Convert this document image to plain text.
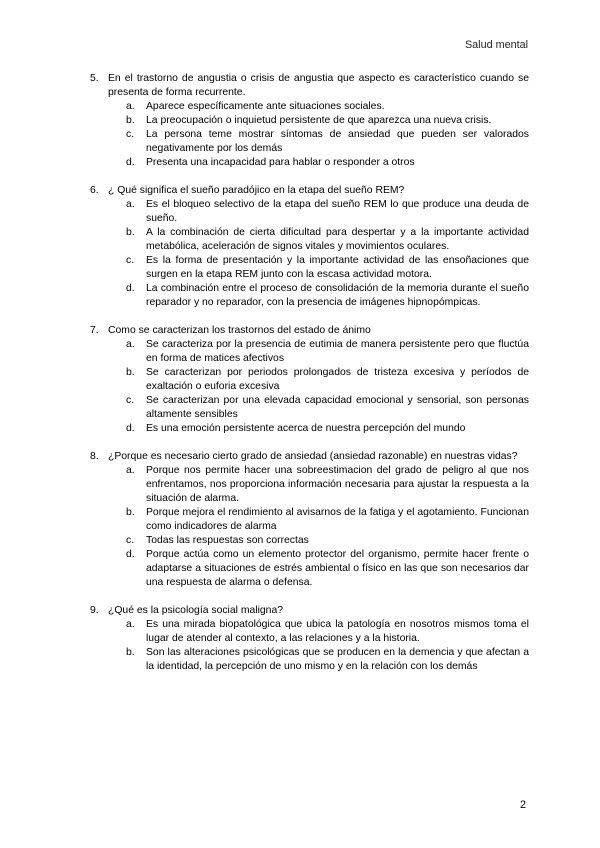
Salud mental
5. En el trastorno de angustia o crisis de angustia que aspecto es característico cuando se presenta de forma recurrente.
a. Aparece específicamente ante situaciones sociales.
b. La preocupación o inquietud persistente de que aparezca una nueva crisis.
c. La persona teme mostrar síntomas de ansiedad que pueden ser valorados negativamente por los demás
d. Presenta una incapacidad para hablar o responder a otros
6. ¿ Qué significa el sueño paradójico en la etapa del sueño REM?
a. Es el bloqueo selectivo de la etapa del sueño REM lo que produce una deuda de sueño.
b. A la combinación de cierta dificultad para despertar y a la importante actividad metabólica, aceleración de signos vitales y movimientos oculares.
c. Es la forma de presentación y la importante actividad de las ensoñaciones que surgen en la etapa REM junto con la escasa actividad motora.
d. La combinación entre el proceso de consolidación de la memoria durante el sueño reparador y no reparador, con la presencia de imágenes hipnopómpicas.
7. Como se caracterizan los trastornos del estado de ánimo
a. Se caracteriza por la presencia de eutimia de manera persistente pero que fluctúa en forma de matices afectivos
b. Se caracterizan por periodos prolongados de tristeza excesiva y períodos de exaltación o euforia excesiva
c. Se caracterizan por una elevada capacidad emocional y sensorial, son personas altamente sensibles
d. Es una emoción persistente acerca de nuestra percepción del mundo
8. ¿Porque es necesario cierto grado de ansiedad (ansiedad razonable) en nuestras vidas?
a. Porque nos permite hacer una sobreestimacion del grado de peligro al que nos enfrentamos, nos proporciona información necesaria para ajustar la respuesta a la situación de alarma.
b. Porque mejora el rendimiento al avisarnos de la fatiga y el agotamiento. Funcionan como indicadores de alarma
c. Todas las respuestas son correctas
d. Porque actúa como un elemento protector del organismo, permite hacer frente o adaptarse a situaciones de estrés ambiental o físico en las que son necesarios dar una respuesta de alarma o defensa.
9. ¿Qué es la psicología social maligna?
a. Es una mirada biopatológica que ubica la patología en nosotros mismos toma el lugar de atender al contexto, a las relaciones y a la historia.
b. Son las alteraciones psicológicas que se producen en la demencia y que afectan a la identidad, la percepción de uno mismo y en la relación con los demás
2
